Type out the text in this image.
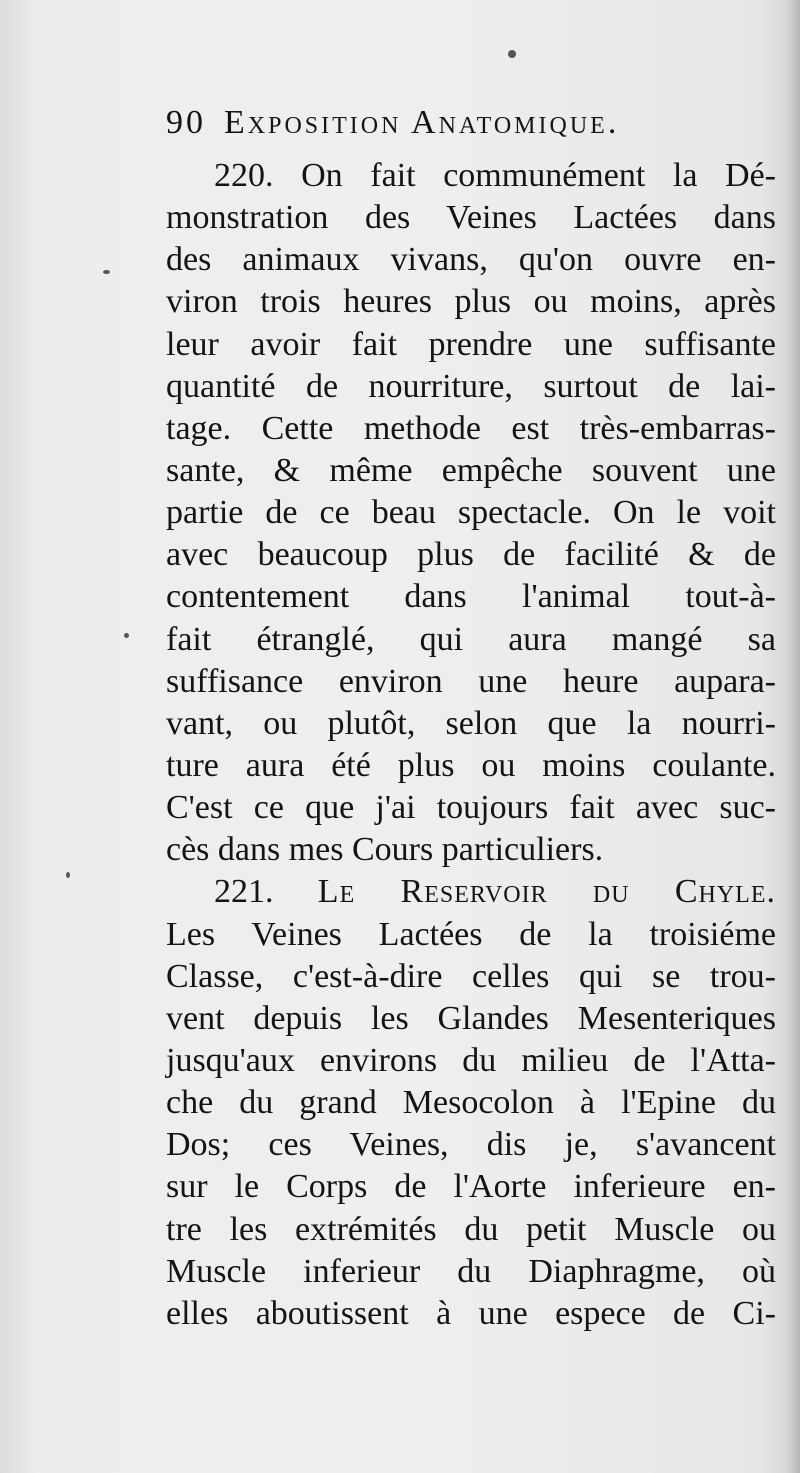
90 Exposition Anatomique.
220. On fait communément la Dé-
monstration des Veines Lactées dans
des animaux vivans, qu'on ouvre en-
viron trois heures plus ou moins, après
leur avoir fait prendre une suffisante
quantité de nourriture, surtout de lai-
tage. Cette methode est très-embarras-
sante, & même empêche souvent une
partie de ce beau spectacle. On le voit
avec beaucoup plus de facilité & de
contentement dans l'animal tout-à-
fait étranglé, qui aura mangé sa
suffisance environ une heure aupara-
vant, ou plutôt, selon que la nourri-
ture aura été plus ou moins coulante.
C'est ce que j'ai toujours fait avec suc-
cès dans mes Cours particuliers.
221. Le Reservoir du Chyle.
Les Veines Lactées de la troisiéme
Classe, c'est-à-dire celles qui se trou-
vent depuis les Glandes Mesenteriques
jusqu'aux environs du milieu de l'Atta-
che du grand Mesocolon à l'Epine du
Dos; ces Veines, dis je, s'avancent
sur le Corps de l'Aorte inferieure en-
tre les extrémités du petit Muscle ou
Muscle inferieur du Diaphragme, où
elles aboutissent à une espece de Ci-
